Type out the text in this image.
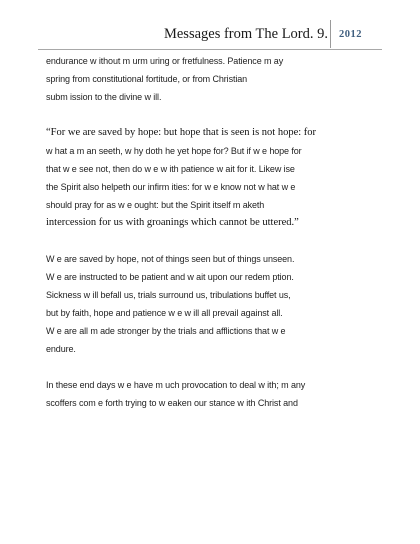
Messages from The Lord. 9. 2012
endurance w ithout m urm uring or fretfulness. Patience m ay
spring from constitutional fortitude, or from Christian
subm ission to the divine w ill.
“For we are saved by hope: but hope that is seen is not hope: for
w hat a m an seeth, w hy doth he yet hope for? But if w e hope for
that w e see not, then do w e w ith patience w ait for it. Likew ise
the Spirit also helpeth our infirm ities: for w e know not w hat w e
should pray for as w e ought: but the Spirit itself m aketh
intercession for us with groanings which cannot be uttered.”
W e are saved by hope, not of things seen but of things unseen.
W e are instructed to be patient and w ait upon our redem ption.
Sickness w ill befall us, trials surround us, tribulations buffet us,
but by faith, hope and patience w e w ill all prevail against all.
W e are all m ade stronger by the trials and afflictions that w e
endure.
In these end days w e have m uch provocation to deal w ith; m any
scoffers com e forth trying to w eaken our stance w ith Christ and
